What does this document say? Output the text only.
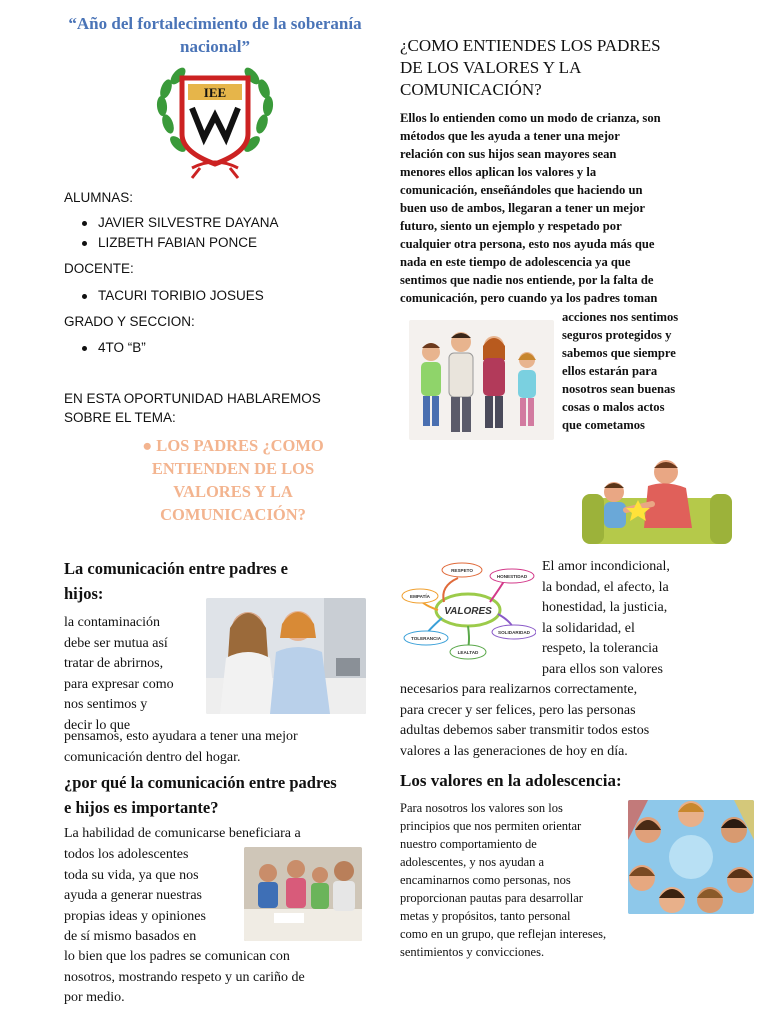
“Año del fortalecimiento de la soberanía
nacional”
IEE
ALUMNAS:
JAVIER SILVESTRE DAYANA
LIZBETH FABIAN PONCE
DOCENTE:
TACURI TORIBIO JOSUES
GRADO Y SECCION:
4TO “B”
EN ESTA OPORTUNIDAD HABLAREMOS
SOBRE EL TEMA:
● LOS PADRES ¿COMO
ENTIENDEN DE LOS
VALORES Y LA
COMUNICACIÓN?
¿COMO ENTIENDES LOS PADRES
DE LOS VALORES Y LA
COMUNICACIÓN?
Ellos lo entienden como un modo de crianza, son
métodos que les ayuda a tener una mejor
relación con sus hijos sean mayores sean
menores ellos aplican los valores y la
comunicación, enseñándoles que haciendo un
buen uso de ambos, llegaran a tener un mejor
futuro, siento un ejemplo y respetado por
cualquier otra persona, esto nos ayuda más que
nada en este tiempo de adolescencia ya que
sentimos que nadie nos entiende, por la falta de
comunicación, pero cuando ya los padres toman
acciones nos sentimos
seguros protegidos y
sabemos que siempre
ellos estarán para
nosotros sean buenas
cosas o malos actos
que cometamos
La comunicación entre padres e
hijos:
la contaminación
debe ser mutua así
tratar de abrirnos,
para expresar como
nos sentimos y
decir lo que
pensamos, esto ayudara a tener una mejor
comunicación dentro del hogar.
¿por qué la comunicación entre padres
e hijos es importante?
La habilidad de comunicarse beneficiara a
todos los adolescentes
toda su vida, ya que nos
ayuda a generar nuestras
propias ideas y opiniones
de sí mismo basados en
lo bien que los padres se comunican con
nosotros, mostrando respeto y un cariño de
por medio.
VALORES
RESPETO
HONESTIDAD
EMPATÍA
SOLIDARIDAD
TOLERANCIA
LEALTAD
El amor incondicional,
la bondad, el afecto, la
honestidad, la justicia,
la solidaridad, el
respeto, la tolerancia
para ellos son valores
necesarios para realizarnos correctamente,
para crecer y ser felices, pero las personas
adultas debemos saber transmitir todos estos
valores a las generaciones de hoy en día.
Los valores en la adolescencia:
Para nosotros los valores son los
principios que nos permiten orientar
nuestro comportamiento de
adolescentes, y nos ayudan a
encaminarnos como personas, nos
proporcionan pautas para desarrollar
metas y propósitos, tanto personal
como en un grupo, que reflejan intereses,
sentimientos y convicciones.
